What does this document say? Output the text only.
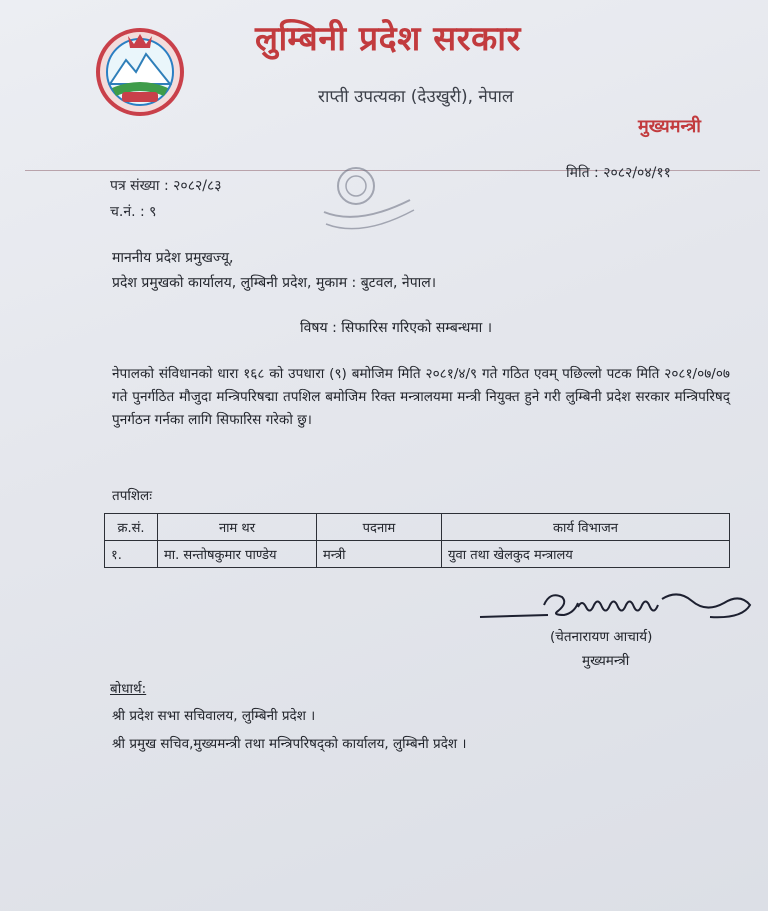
लुम्बिनी प्रदेश सरकार
राप्ती उपत्यका (देउखुरी), नेपाल
मुख्यमन्त्री
पत्र संख्या : २०८२/८३
च.नं. : ९
मिति : २०८२/०४/११
माननीय प्रदेश प्रमुखज्यू,
प्रदेश प्रमुखको कार्यालय, लुम्बिनी प्रदेश, मुकाम : बुटवल, नेपाल।
विषय : सिफारिस गरिएको सम्बन्धमा ।
नेपालको संविधानको धारा १६८ को उपधारा (९) बमोजिम मिति २०८१/४/९ गते गठित एवम् पछिल्लो पटक मिति २०८१/०७/०७ गते पुनर्गठित मौजुदा मन्त्रिपरिषद्मा तपशिल बमोजिम रिक्त मन्त्रालयमा मन्त्री नियुक्त हुने गरी लुम्बिनी प्रदेश सरकार मन्त्रिपरिषद् पुनर्गठन गर्नका लागि सिफारिस गरेको छु।
तपशिलः
क्र.सं.	नाम थर	पदनाम	कार्य विभाजन
१.	मा. सन्तोषकुमार पाण्डेय	मन्त्री	युवा तथा खेलकुद मन्त्रालय
(चेतनारायण आचार्य)
मुख्यमन्त्री
बोधार्थ:
श्री प्रदेश सभा सचिवालय, लुम्बिनी प्रदेश ।
श्री प्रमुख सचिव,मुख्यमन्त्री तथा मन्त्रिपरिषद्को कार्यालय, लुम्बिनी प्रदेश ।
